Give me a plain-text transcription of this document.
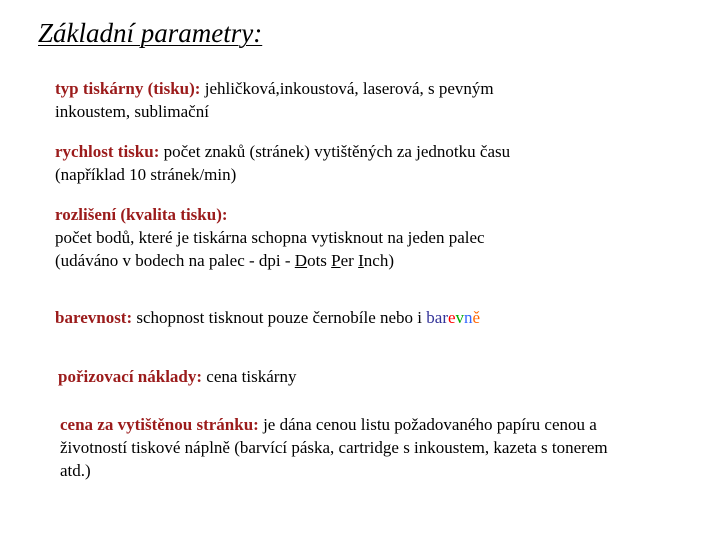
Základní parametry:
typ tiskárny (tisku): jehličková,inkoustová, laserová, s pevným
inkoustem, sublimační
rychlost tisku: počet znaků (stránek) vytištěných za jednotku času
(například 10 stránek/min)
rozlišení (kvalita tisku):
počet bodů, které je tiskárna schopna vytisknout na jeden palec
(udáváno v bodech na palec - dpi - Dots Per Inch)
barevnost: schopnost tisknout pouze černobíle nebo i barevně
pořizovací náklady: cena tiskárny
cena za vytištěnou stránku: je dána cenou listu požadovaného papíru cenou a
životností tiskové náplně (barvící páska, cartridge s inkoustem, kazeta s tonerem
atd.)
